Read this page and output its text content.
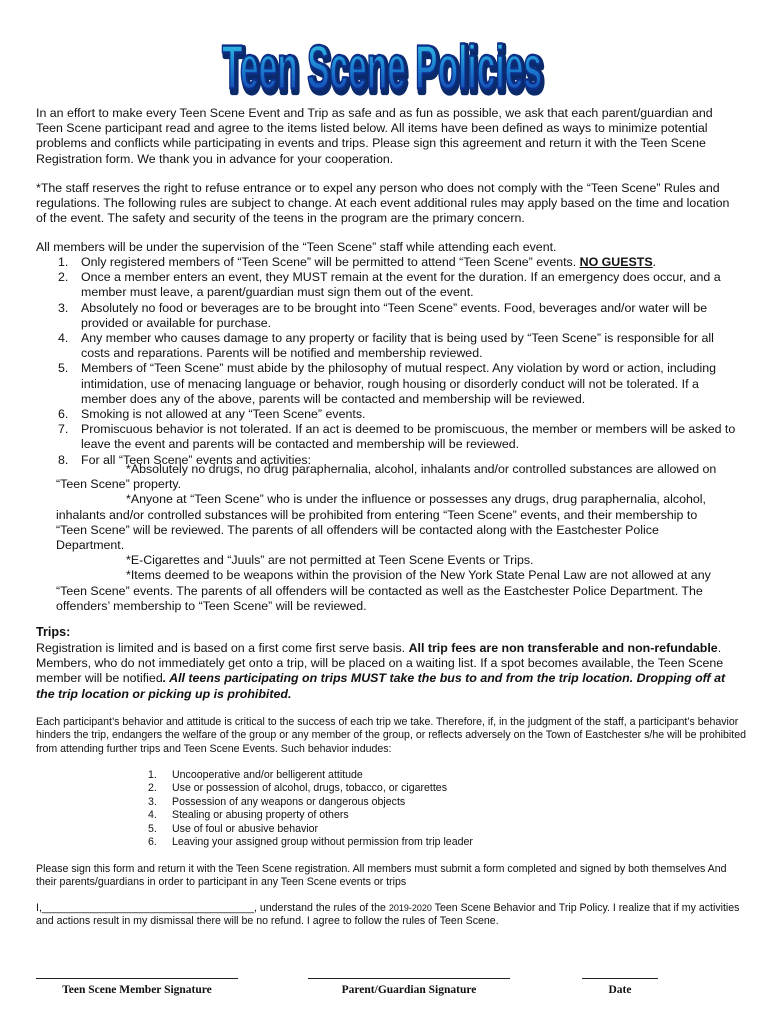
Teen Scene Policies
Teen Scene Policies
In an effort to make every Teen Scene Event and Trip as safe and as fun as possible, we ask that each parent/guardian and Teen Scene participant read and agree to the items listed below. All items have been defined as ways to minimize potential problems and conflicts while participating in events and trips. Please sign this agreement and return it with the Teen Scene Registration form. We thank you in advance for your cooperation.
*The staff reserves the right to refuse entrance or to expel any person who does not comply with the “Teen Scene” Rules and regulations. The following rules are subject to change. At each event additional rules may apply based on the time and location of the event. The safety and security of the teens in the program are the primary concern.
All members will be under the supervision of the “Teen Scene” staff while attending each event.
1.	Only registered members of “Teen Scene” will be permitted to attend “Teen Scene” events. NO GUESTS.
2.	Once a member enters an event, they MUST remain at the event for the duration. If an emergency does occur, and a member must leave, a parent/guardian must sign them out of the event.
3.	Absolutely no food or beverages are to be brought into “Teen Scene” events. Food, beverages and/or water will be provided or available for purchase.
4.	Any member who causes damage to any property or facility that is being used by “Teen Scene” is responsible for all costs and reparations. Parents will be notified and membership reviewed.
5.	Members of “Teen Scene” must abide by the philosophy of mutual respect. Any violation by word or action, including intimidation, use of menacing language or behavior, rough housing or disorderly conduct will not be tolerated. If a member does any of the above, parents will be contacted and membership will be reviewed.
6.	Smoking is not allowed at any “Teen Scene” events.
7.	Promiscuous behavior is not tolerated. If an act is deemed to be promiscuous, the member or members will be asked to leave the event and parents will be contacted and membership will be reviewed.
8.	For all “Teen Scene” events and activities:
*Absolutely no drugs, no drug paraphernalia, alcohol, inhalants and/or controlled substances are allowed on
“Teen Scene” property.
*Anyone at “Teen Scene” who is under the influence or possesses any drugs, drug paraphernalia, alcohol,
inhalants and/or controlled substances will be prohibited from entering “Teen Scene” events, and their membership to
“Teen Scene” will be reviewed. The parents of all offenders will be contacted along with the Eastchester Police
Department.
*E-Cigarettes and “Juuls” are not permitted at Teen Scene Events or Trips.
*Items deemed to be weapons within the provision of the New York State Penal Law are not allowed at any
“Teen Scene” events. The parents of all offenders will be contacted as well as the Eastchester Police Department. The
offenders’ membership to “Teen Scene” will be reviewed.
Trips:
Registration is limited and is based on a first come first serve basis. All trip fees are non transferable and non-refundable. Members, who do not immediately get onto a trip, will be placed on a waiting list. If a spot becomes available, the Teen Scene member will be notified. All teens participating on trips MUST take the bus to and from the trip location. Dropping off at the trip location or picking up is prohibited.
Each participant’s behavior and attitude is critical to the success of each trip we take. Therefore, if, in the judgment of the staff, a participant’s behavior hinders the trip, endangers the welfare of the group or any member of the group, or reflects adversely on the Town of Eastchester s/he will be prohibited from attending further trips and Teen Scene Events. Such behavior indudes:
1. Uncooperative and/or belligerent attitude
2. Use or possession of alcohol, drugs, tobacco, or cigarettes
3. Possession of any weapons or dangerous objects
4. Stealing or abusing property of others
5. Use of foul or abusive behavior
6. Leaving your assigned group without permission from trip leader
Please sign this form and return it with the Teen Scene registration. All members must submit a form completed and signed by both themselves And their parents/guardians in order to participant in any Teen Scene events or trips
I,____________________________________, understand the rules of the 2019-2020 Teen Scene Behavior and Trip Policy. I realize that if my activities and actions result in my dismissal there will be no refund. I agree to follow the rules of Teen Scene.
Teen Scene Member Signature	Parent/Guardian Signature	Date
